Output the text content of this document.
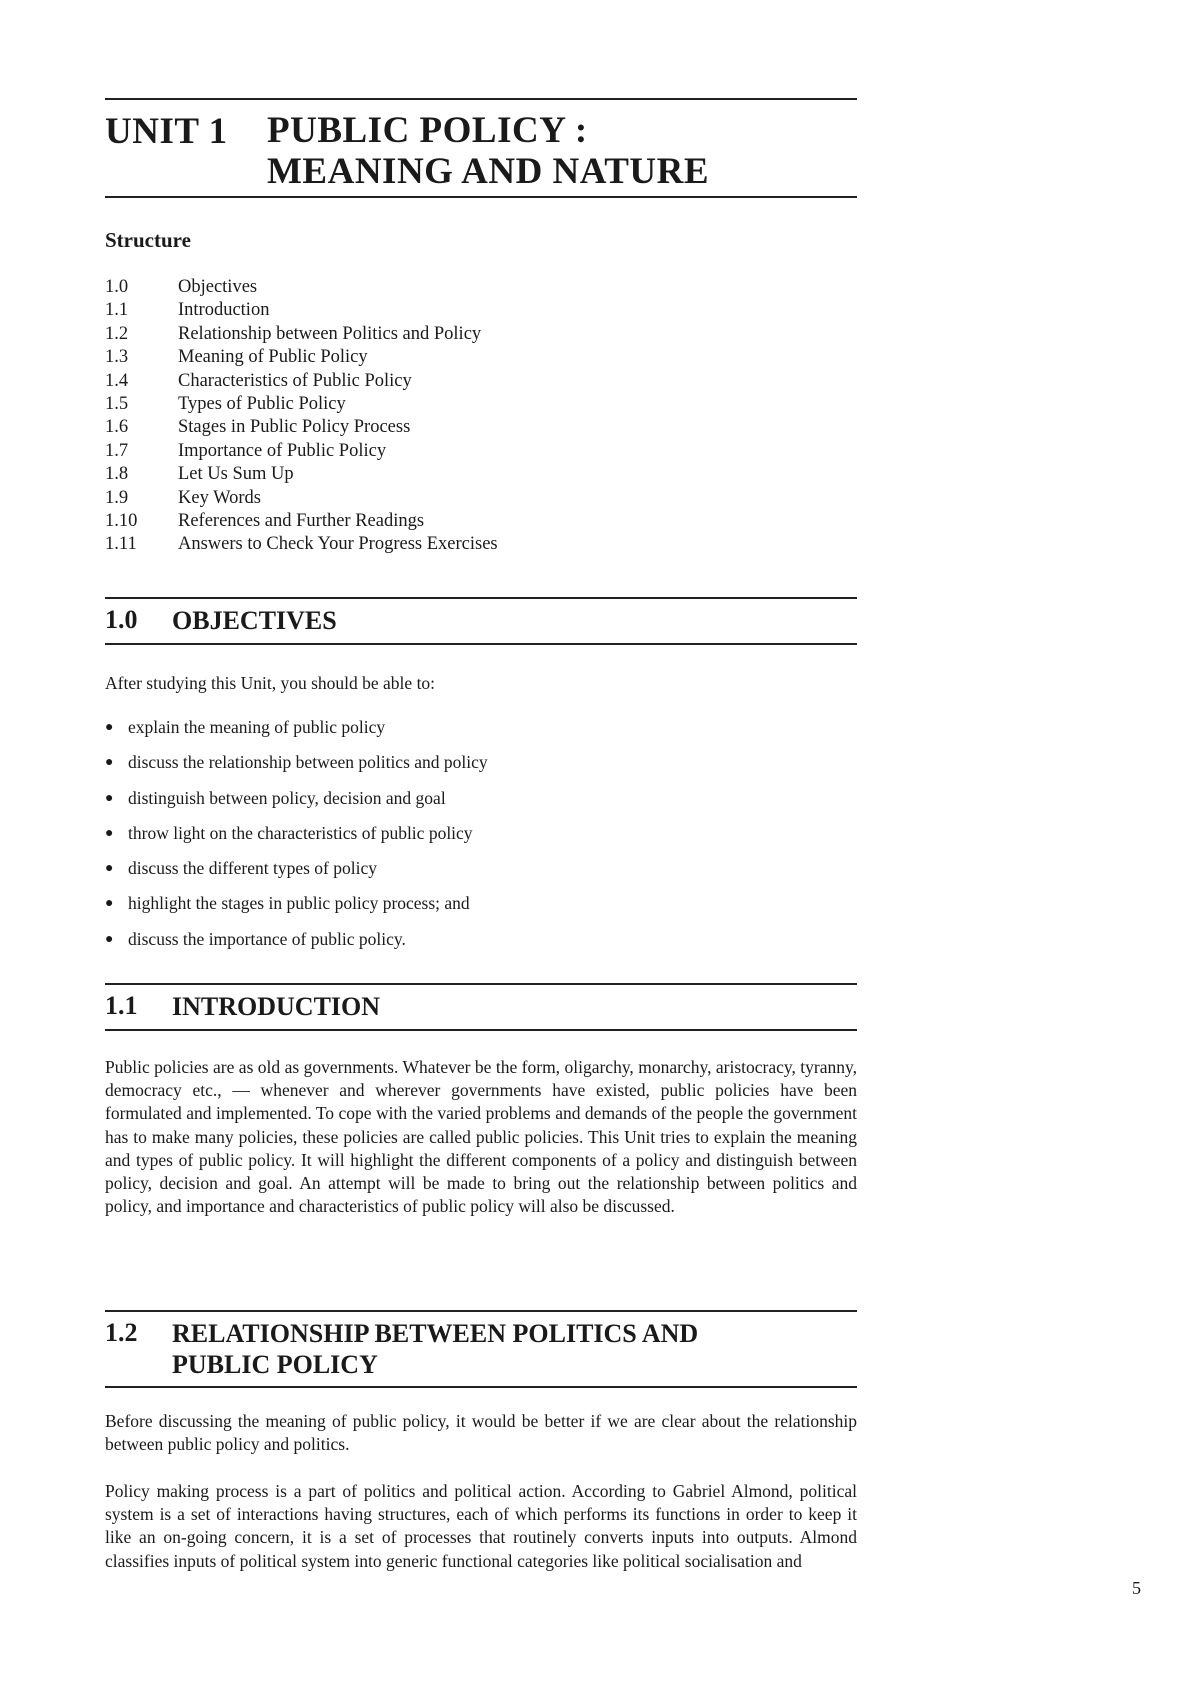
UNIT 1 PUBLIC POLICY :
MEANING AND NATURE
Structure
1.0	Objectives
1.1	Introduction
1.2	Relationship between Politics and Policy
1.3	Meaning of Public Policy
1.4	Characteristics of Public Policy
1.5	Types of Public Policy
1.6	Stages in Public Policy Process
1.7	Importance of Public Policy
1.8	Let Us Sum Up
1.9	Key Words
1.10 References and Further Readings
1.11 Answers to Check Your Progress Exercises
1.0 OBJECTIVES

After studying this Unit, you should be able to:

● explain the meaning of public policy
● discuss the relationship between politics and policy
● distinguish between policy, decision and goal
● throw light on the characteristics of public policy
● discuss the different types of policy
● highlight the stages in public policy process; and
● discuss the importance of public policy.
1.1 INTRODUCTION

Public policies are as old as governments. Whatever be the form, oligarchy, monarchy, aristocracy, tyranny, democracy etc., — whenever and wherever governments have existed, public policies have been formulated and implemented. To cope with the varied problems and demands of the people the government has to make many policies, these policies are called public policies. This Unit tries to explain the meaning and types of public policy. It will highlight the different components of a policy and distinguish between policy, decision and goal. An attempt will be made to bring out the relationship between politics and policy, and importance and characteristics of public policy will also be discussed.

1.2 RELATIONSHIP BETWEEN POLITICS AND
PUBLIC POLICY

Before discussing the meaning of public policy, it would be better if we are clear about the relationship between public policy and politics.

Policy making process is a part of politics and political action. According to Gabriel Almond, political system is a set of interactions having structures, each of which performs its functions in order to keep it like an on-going concern, it is a set of processes that routinely converts inputs into outputs. Almond classifies inputs of political system into generic functional categories like political socialisation and

5
